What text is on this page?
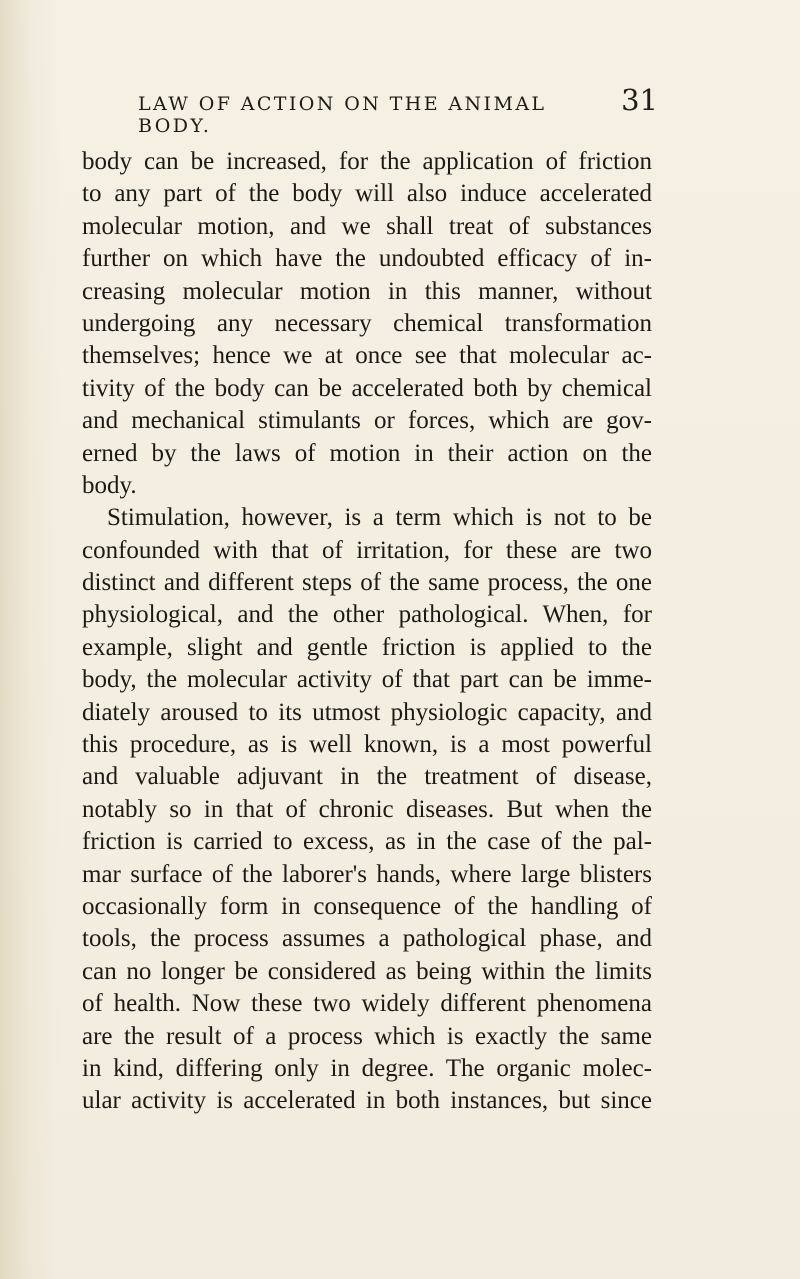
LAW OF ACTION ON THE ANIMAL BODY.
31
body can be increased, for the application of friction
to any part of the body will also induce accelerated
molecular motion, and we shall treat of substances
further on which have the undoubted efficacy of in-
creasing molecular motion in this manner, without
undergoing any necessary chemical transformation
themselves; hence we at once see that molecular ac-
tivity of the body can be accelerated both by chemical
and mechanical stimulants or forces, which are gov-
erned by the laws of motion in their action on the
body.
Stimulation, however, is a term which is not to be
confounded with that of irritation, for these are two
distinct and different steps of the same process, the one
physiological, and the other pathological. When, for
example, slight and gentle friction is applied to the
body, the molecular activity of that part can be imme-
diately aroused to its utmost physiologic capacity, and
this procedure, as is well known, is a most powerful
and valuable adjuvant in the treatment of disease,
notably so in that of chronic diseases. But when the
friction is carried to excess, as in the case of the pal-
mar surface of the laborer's hands, where large blisters
occasionally form in consequence of the handling of
tools, the process assumes a pathological phase, and
can no longer be considered as being within the limits
of health. Now these two widely different phenomena
are the result of a process which is exactly the same
in kind, differing only in degree. The organic molec-
ular activity is accelerated in both instances, but since
